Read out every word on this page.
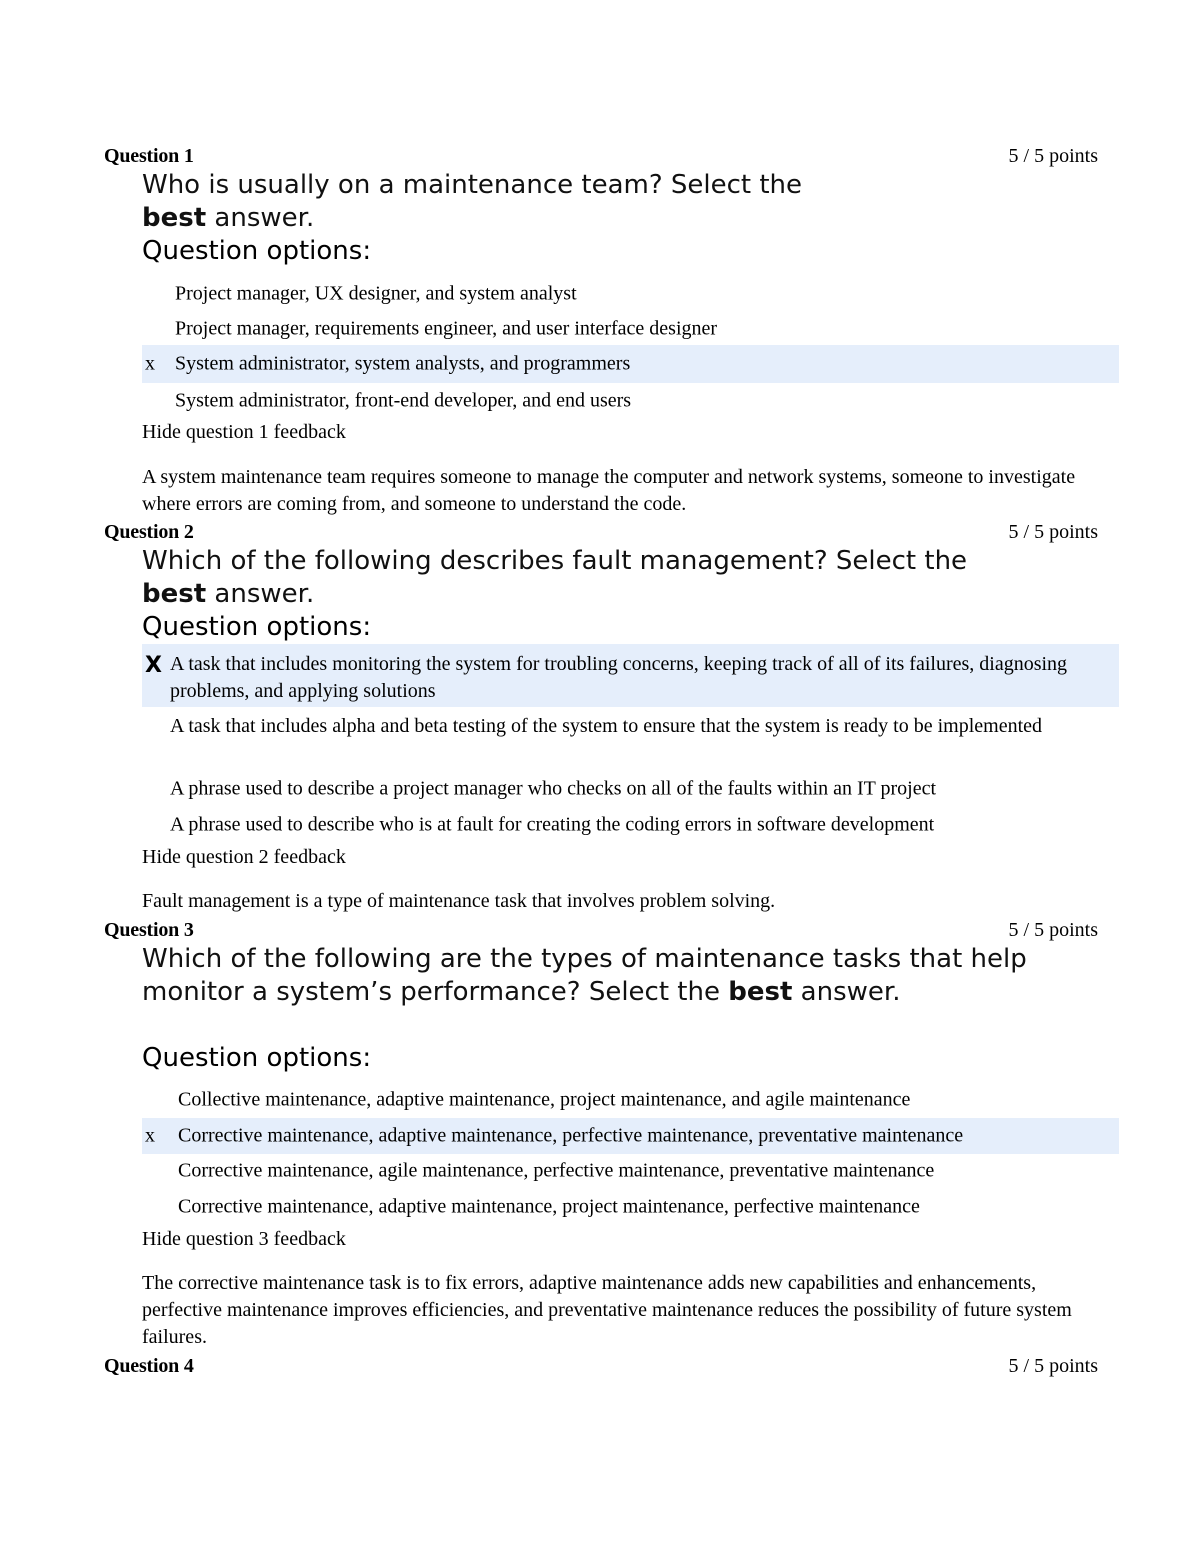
Question 1	5 / 5 points
Who is usually on a maintenance team? Select the best answer.
Question options:
Project manager, UX designer, and system analyst
Project manager, requirements engineer, and user interface designer
x System administrator, system analysts, and programmers
System administrator, front-end developer, and end users
Hide question 1 feedback
A system maintenance team requires someone to manage the computer and network systems, someone to investigate where errors are coming from, and someone to understand the code.
Question 2	5 / 5 points
Which of the following describes fault management? Select the best answer.
Question options:
X A task that includes monitoring the system for troubling concerns, keeping track of all of its failures, diagnosing problems, and applying solutions
A task that includes alpha and beta testing of the system to ensure that the system is ready to be implemented
A phrase used to describe a project manager who checks on all of the faults within an IT project
A phrase used to describe who is at fault for creating the coding errors in software development
Hide question 2 feedback
Fault management is a type of maintenance task that involves problem solving.
Question 3	5 / 5 points
Which of the following are the types of maintenance tasks that help monitor a system’s performance? Select the best answer.
Question options:
Collective maintenance, adaptive maintenance, project maintenance, and agile maintenance
x Corrective maintenance, adaptive maintenance, perfective maintenance, preventative maintenance
Corrective maintenance, agile maintenance, perfective maintenance, preventative maintenance
Corrective maintenance, adaptive maintenance, project maintenance, perfective maintenance
Hide question 3 feedback
The corrective maintenance task is to fix errors, adaptive maintenance adds new capabilities and enhancements, perfective maintenance improves efficiencies, and preventative maintenance reduces the possibility of future system failures.
Question 4	5 / 5 points
